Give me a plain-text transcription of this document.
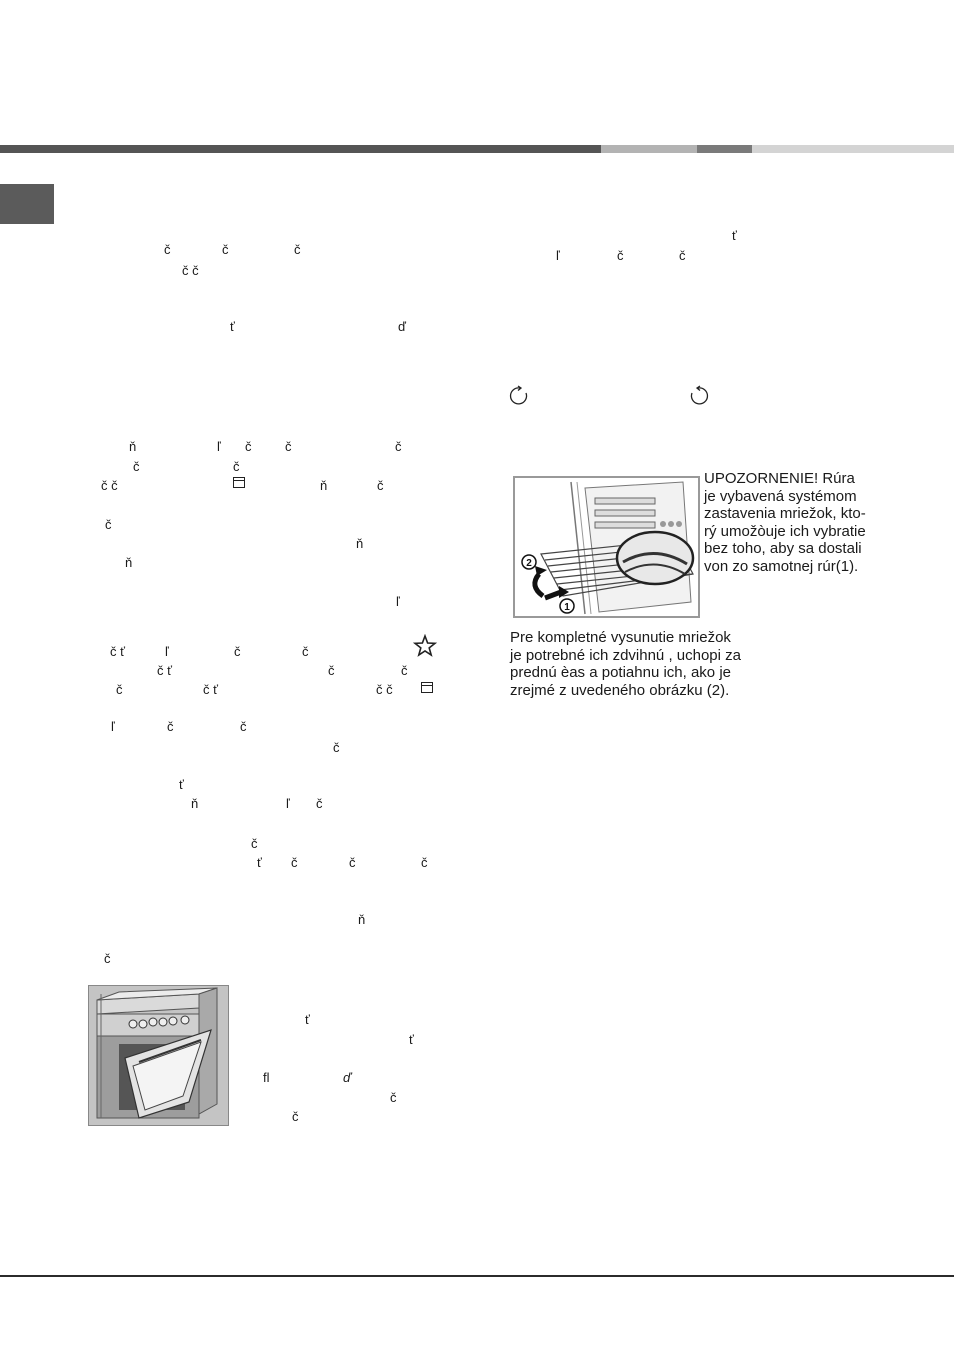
č	č	č
č č
ť	ď
ň	ľ č	č	č
č	č
č č	ň	č
č
ň
ň
ľ
č ť	ľ	č	č
č ť	č	č
č	č ť	č č
ľ	č	č
č
ť
ň	ľ č
č
ť č	č	č
ň
č
ť
ť
fl	ď
č
č
ť
ľ	č	č
2
1
UPOZORNENIE! Rúra
je vybavená systémom
zastavenia mriežok, kto-
rý umožòuje ich vybratie
bez toho, aby sa dostali
von zo samotnej rúr(1).
Pre kompletné vysunutie mriežok
je potrebné ich zdvihnú , uchopi za
prednú èas a potiahnu ich, ako je
zrejmé z uvedeného obrázku (2).
